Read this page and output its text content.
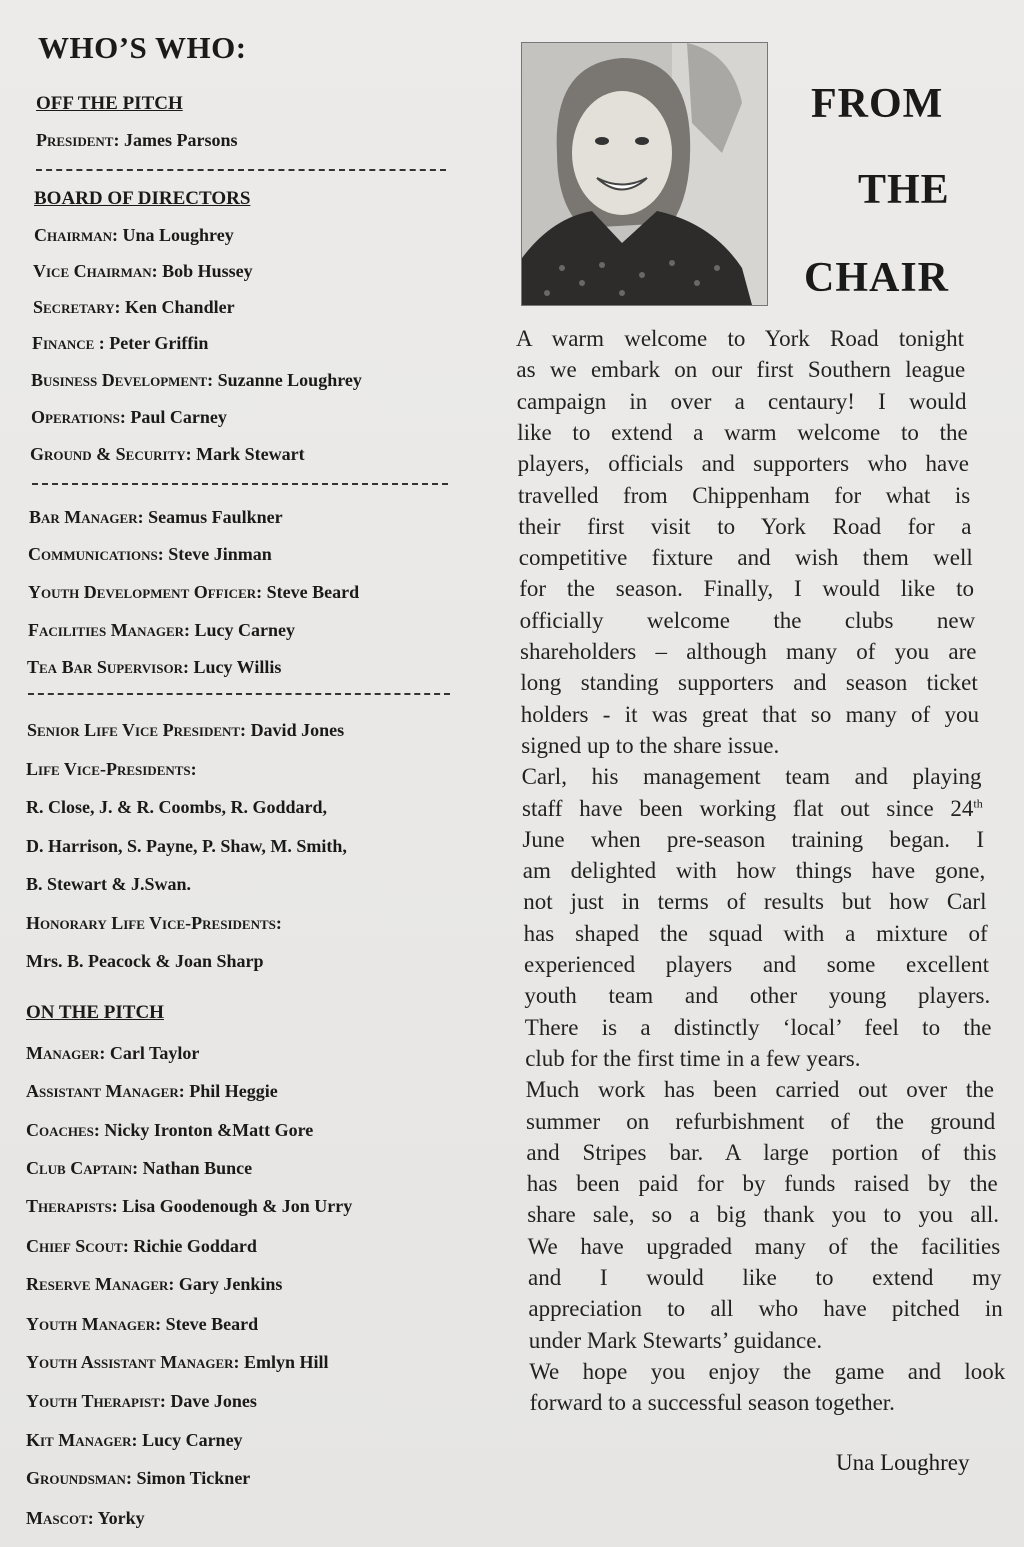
WHO’S WHO:
FROM
THE
CHAIR
Una Loughrey
OFF THE PITCH
BOARD OF DIRECTORS
ON THE PITCH
President: James Parsons
Chairman: Una Loughrey
Vice Chairman: Bob Hussey
Secretary: Ken Chandler
Finance : Peter Griffin
Business Development: Suzanne Loughrey
Operations: Paul Carney
Ground & Security: Mark Stewart
Bar Manager: Seamus Faulkner
Communications: Steve Jinman
Youth Development Officer: Steve Beard
Facilities Manager: Lucy Carney
Tea Bar Supervisor: Lucy Willis
Senior Life Vice President: David Jones
Life Vice-Presidents:
R. Close, J. & R. Coombs, R. Goddard,
D. Harrison, S. Payne, P. Shaw, M. Smith,
B. Stewart & J.Swan.
Honorary Life Vice-Presidents:
Mrs. B. Peacock & Joan Sharp
Manager: Carl Taylor
Assistant Manager: Phil Heggie
Coaches: Nicky Ironton &Matt Gore
Club Captain: Nathan Bunce
Therapists: Lisa Goodenough & Jon Urry
Chief Scout: Richie Goddard
Reserve Manager: Gary Jenkins
Youth Manager: Steve Beard
Youth Assistant Manager: Emlyn Hill
Youth Therapist: Dave Jones
Kit Manager: Lucy Carney
Groundsman: Simon Tickner
Mascot: Yorky
A warm welcome to York Road tonight
as we embark on our first Southern league
campaign in over a centaury! I would
like to extend a warm welcome to the
players, officials and supporters who have
travelled from Chippenham for what is
their first visit to York Road for a
competitive fixture and wish them well
for the season. Finally, I would like to
officially welcome the clubs new
shareholders – although many of you are
long standing supporters and season ticket
holders - it was great that so many of you
signed up to the share issue.
Carl, his management team and playing
staff have been working flat out since 24th
June when pre-season training began. I
am delighted with how things have gone,
not just in terms of results but how Carl
has shaped the squad with a mixture of
experienced players and some excellent
youth team and other young players.
There is a distinctly ‘local’ feel to the
club for the first time in a few years.
Much work has been carried out over the
summer on refurbishment of the ground
and Stripes bar. A large portion of this
has been paid for by funds raised by the
share sale, so a big thank you to you all.
We have upgraded many of the facilities
and I would like to extend my
appreciation to all who have pitched in
under Mark Stewarts’ guidance.
We hope you enjoy the game and look
forward to a successful season together.
